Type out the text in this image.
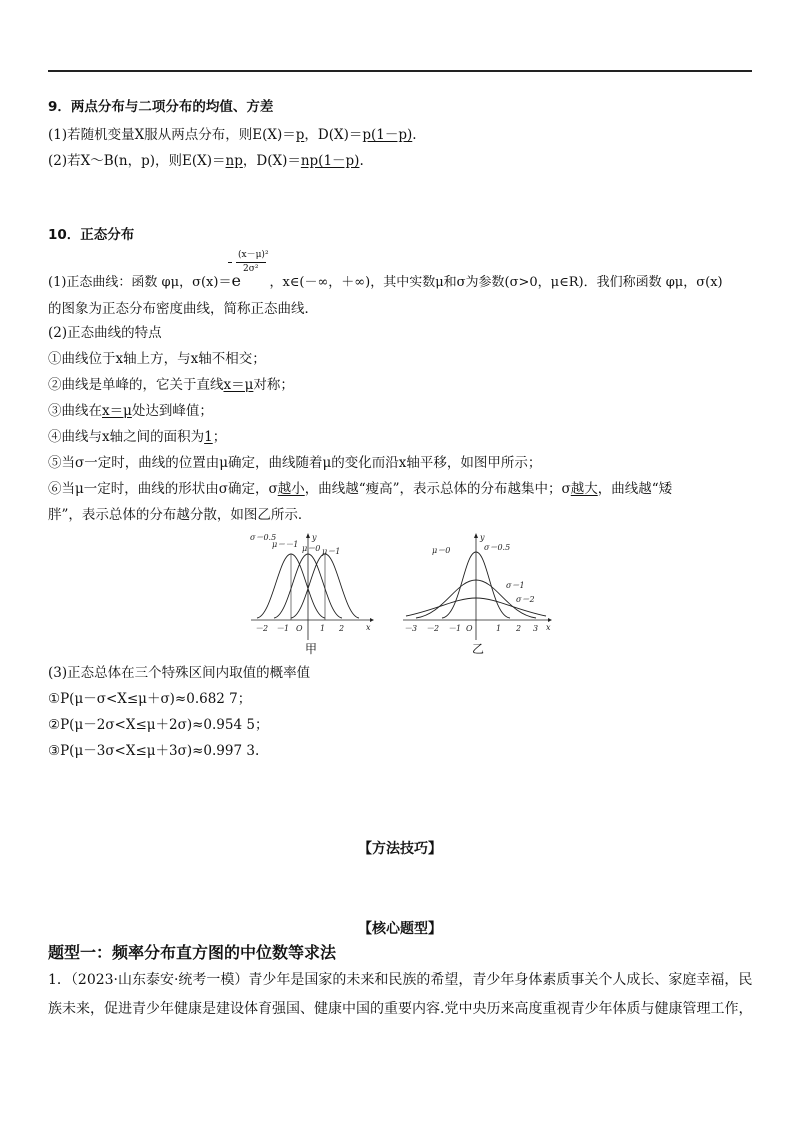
9．两点分布与二项分布的均值、方差
(1)若随机变量X服从两点分布，则E(X)＝p，D(X)＝p(1－p).
(2)若X～B(n，p)，则E(X)＝np，D(X)＝np(1－p).
10．正态分布
(1)正态曲线：函数 φμ，σ(x)＝e ，x∈(－∞，＋∞)，其中实数μ和σ为参数(σ>0，μ∈R)．我们称函数 φμ，σ(x)
(x－μ)²
2σ²
的图象为正态分布密度曲线，简称正态曲线．
(2)正态曲线的特点
①曲线位于x轴上方，与x轴不相交；
②曲线是单峰的，它关于直线x＝μ对称；
③曲线在x＝μ处达到峰值；
④曲线与x轴之间的面积为1；
⑤当σ一定时，曲线的位置由μ确定，曲线随着μ的变化而沿x轴平移，如图甲所示；
⑥当μ一定时，曲线的形状由σ确定，σ越小，曲线越“瘦高”，表示总体的分布越集中；σ越大，曲线越“矮
胖”，表示总体的分布越分散，如图乙所示．
σ＝0.5
μ＝－1 μ＝0 μ＝1
y
x
－2 －1 O 1 2
甲
μ＝0	σ＝0.5
σ＝1
σ＝2
y
x
－3 －2 －1 O	1 2 3
乙
(3)正态总体在三个特殊区间内取值的概率值
①P(μ－σ<X≤μ＋σ)≈0.682 7；
②P(μ－2σ<X≤μ＋2σ)≈0.954 5；
③P(μ－3σ<X≤μ＋3σ)≈0.997 3.
【方法技巧】
【核心题型】
题型一：频率分布直方图的中位数等求法
1．（2023·山东泰安·统考一模）青少年是国家的未来和民族的希望，青少年身体素质事关个人成长、家庭幸福，民族未来，促进青少年健康是建设体育强国、健康中国的重要内容.党中央历来高度重视青少年体质与健康管理工作，
